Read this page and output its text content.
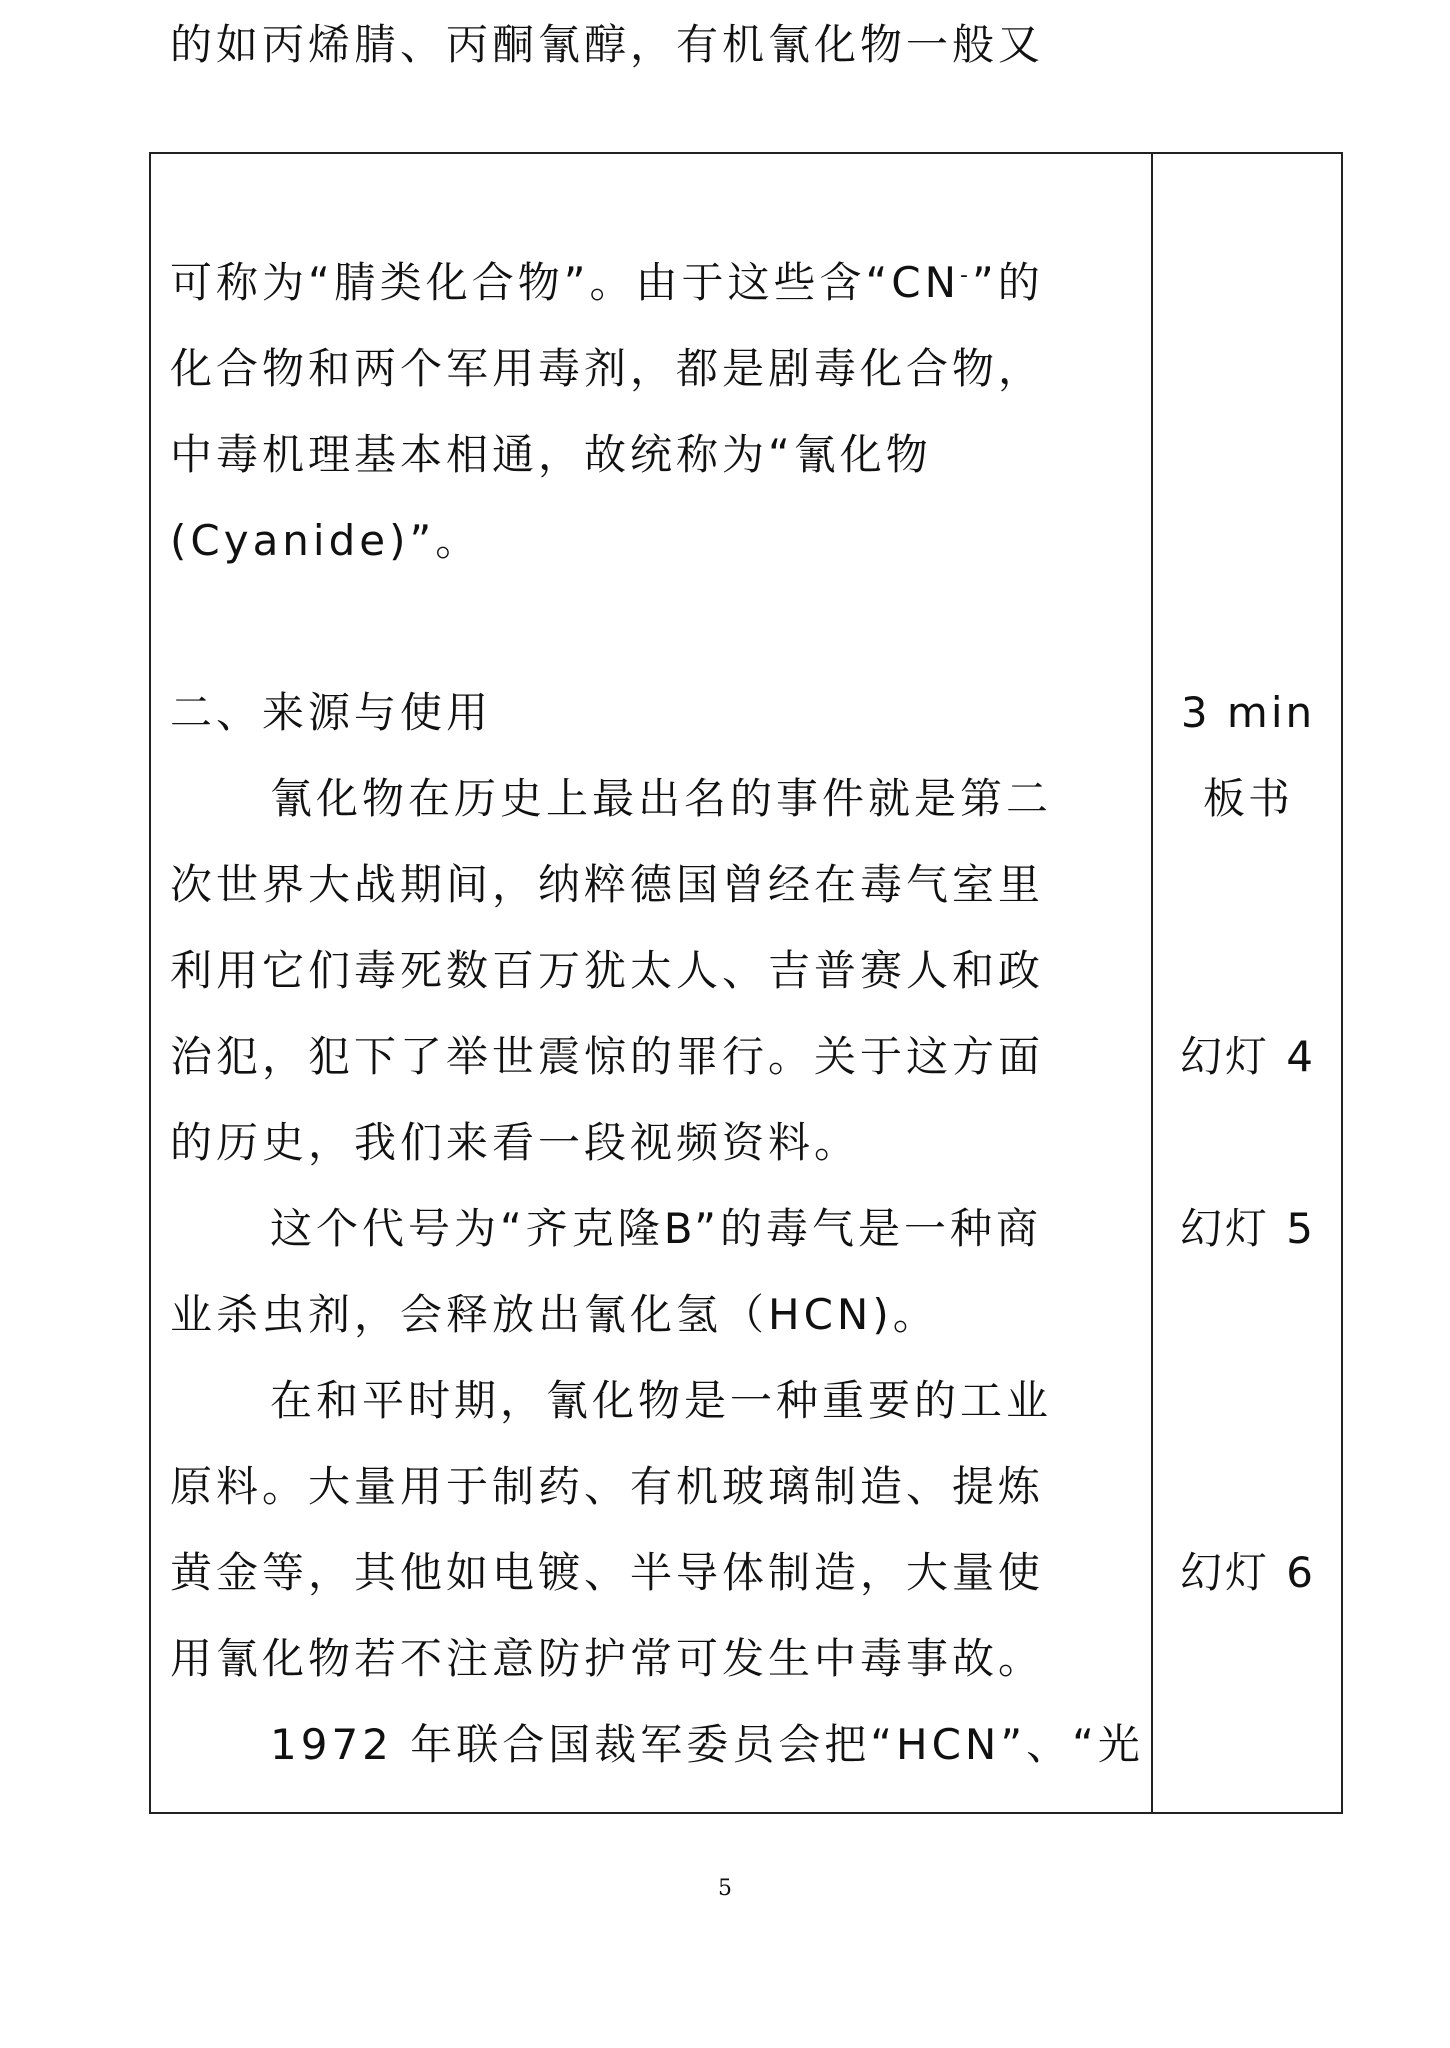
的如丙烯腈、丙酮氰醇，有机氰化物一般又
可称为“腈类化合物”。由于这些含“CN-”的
化合物和两个军用毒剂，都是剧毒化合物，
中毒机理基本相通，故统称为“氰化物
(Cyanide)”。
二、来源与使用
氰化物在历史上最出名的事件就是第二
次世界大战期间，纳粹德国曾经在毒气室里
利用它们毒死数百万犹太人、吉普赛人和政
治犯，犯下了举世震惊的罪行。关于这方面
的历史，我们来看一段视频资料。
这个代号为“齐克隆B”的毒气是一种商
业杀虫剂，会释放出氰化氢（HCN)。
在和平时期，氰化物是一种重要的工业
原料。大量用于制药、有机玻璃制造、提炼
黄金等，其他如电镀、半导体制造，大量使
用氰化物若不注意防护常可发生中毒事故。
1972 年联合国裁军委员会把“HCN”、“光
3 min
板书
幻灯 4
幻灯 5
幻灯 6
5
